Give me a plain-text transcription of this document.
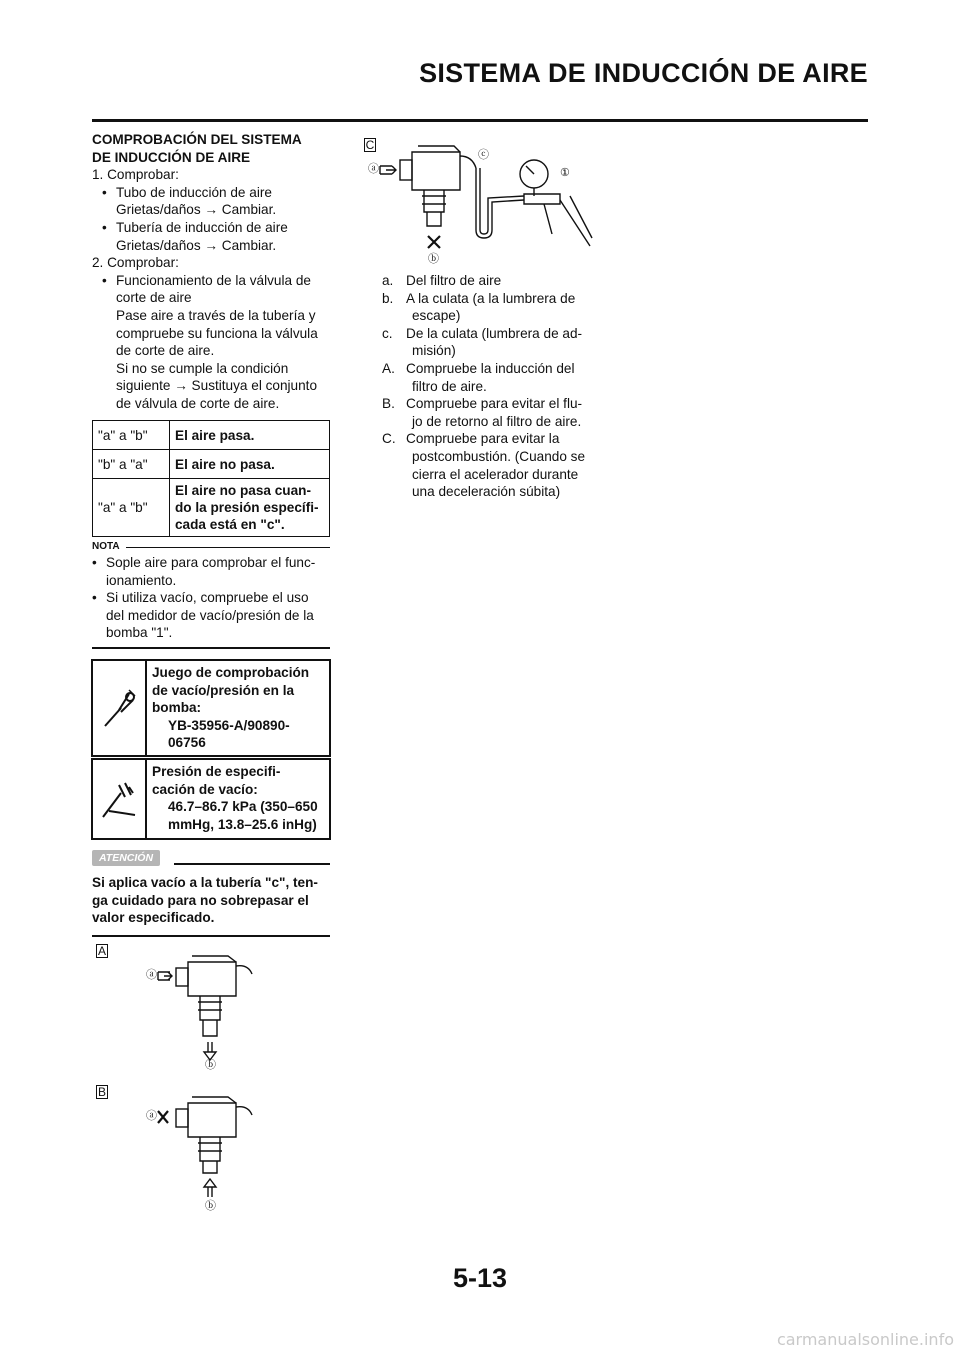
SISTEMA DE INDUCCIÓN DE AIRE
COMPROBACIÓN DEL SISTEMA
DE INDUCCIÓN DE AIRE
1. Comprobar:
• Tubo de inducción de aire
Grietas/daños → Cambiar.
• Tubería de inducción de aire
Grietas/daños → Cambiar.
2. Comprobar:
• Funcionamiento de la válvula de
corte de aire
Pase aire a través de la tubería y
compruebe su funciona la válvula
de corte de aire.
Si no se cumple la condición
siguiente → Sustituya el conjunto
de válvula de corte de aire.
"a" a "b"	El aire pasa.
"b" a "a"	El aire no pasa.
"a" a "b"	El aire no pasa cuan-
do la presión específi-
cada está en "c".
NOTA
• Sople aire para comprobar el func-
ionamiento.
• Si utiliza vacío, compruebe el uso
del medidor de vacío/presión de la
bomba "1".
Juego de comprobación
de vacío/presión en la
bomba:
YB-35956-A/90890-
06756
Presión de especifi-
cación de vacío:
46.7–86.7 kPa (350–650
mmHg, 13.8–25.6 inHg)
ATENCIÓN
Si aplica vacío a la tubería "c", ten-
ga cuidado para no sobrepasar el
valor especificado.
A
ⓐ
ⓑ
B
ⓐ
ⓑ
C
ⓐ
ⓑ
ⓒ
①
a. Del filtro de aire
b. A la culata (a la lumbrera de
escape)
c. De la culata (lumbrera de ad-
misión)
A. Compruebe la inducción del
filtro de aire.
B. Compruebe para evitar el flu-
jo de retorno al filtro de aire.
C. Compruebe para evitar la
postcombustión. (Cuando se
cierra el acelerador durante
una deceleración súbita)
5-13
carmanualsonline.info
